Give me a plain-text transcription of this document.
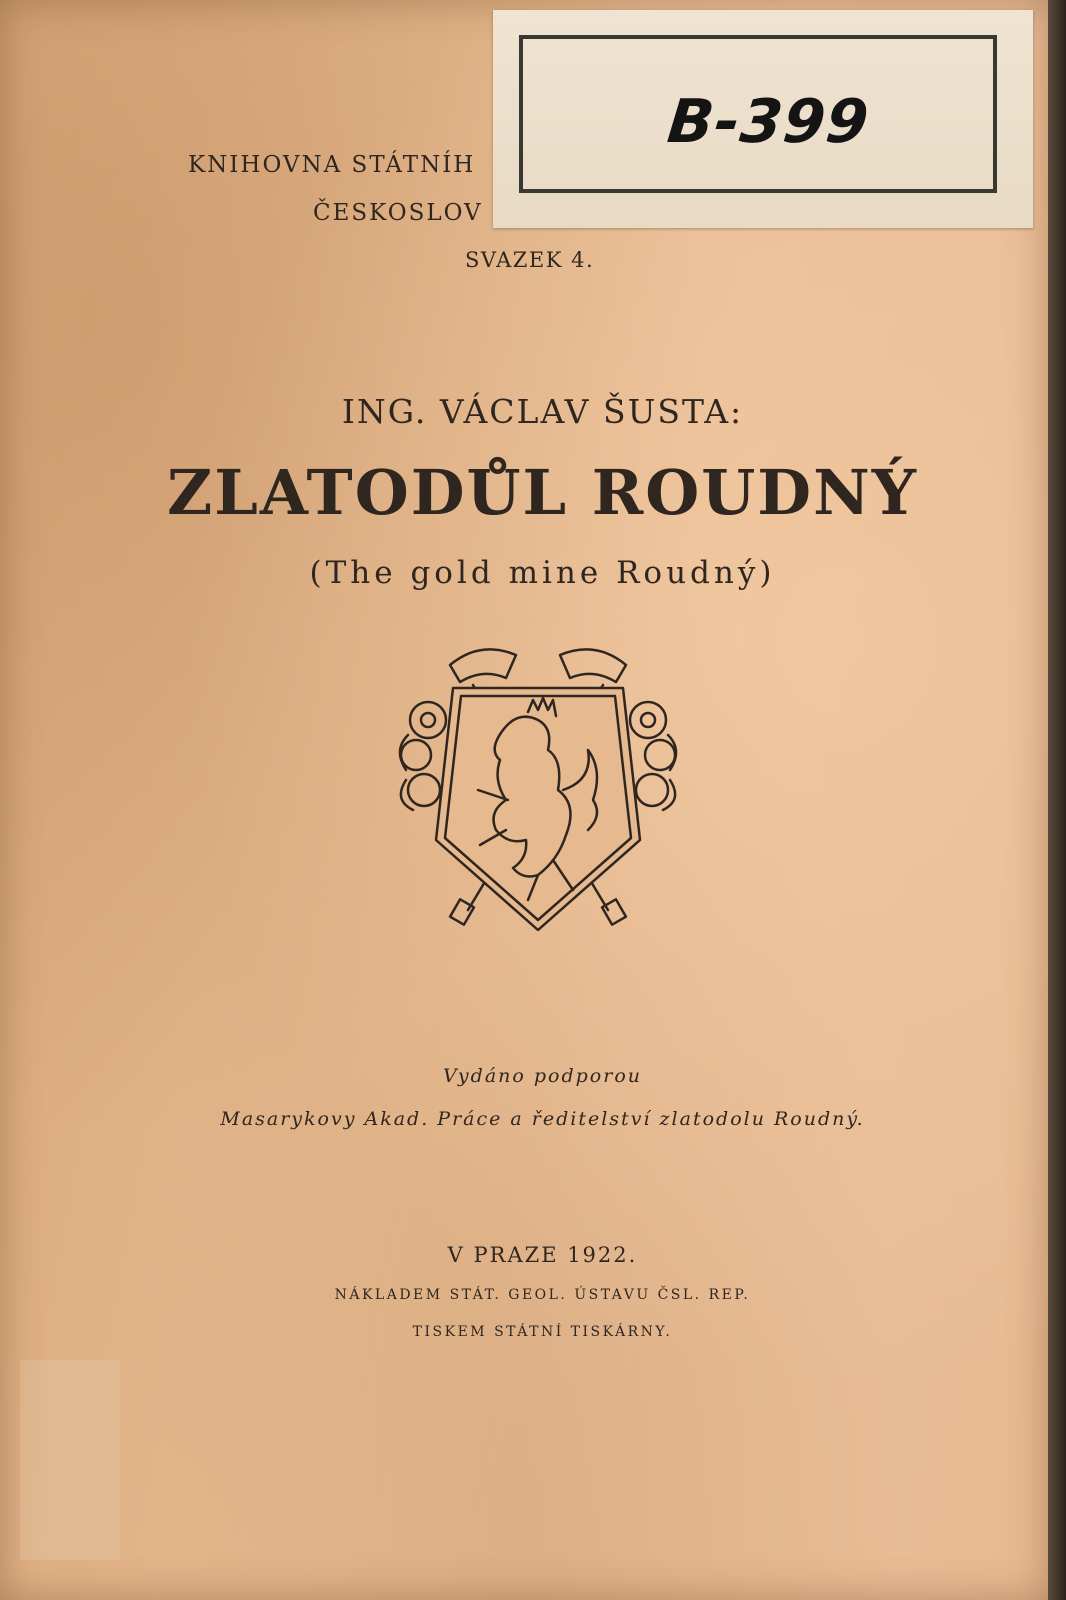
KNIHOVNA STÁTNÍH
ČESKOSLOV
SVAZEK 4.
B-399
ING. VÁCLAV ŠUSTA:
ZLATODŮL ROUDNÝ
(The gold mine Roudný)
Vydáno podporou
Masarykovy Akad. Práce a ředitelství zlatodolu Roudný.
V PRAZE 1922.
NÁKLADEM STÁT. GEOL. ÚSTAVU ČSL. REP.
TISKEM STÁTNÍ TISKÁRNY.
